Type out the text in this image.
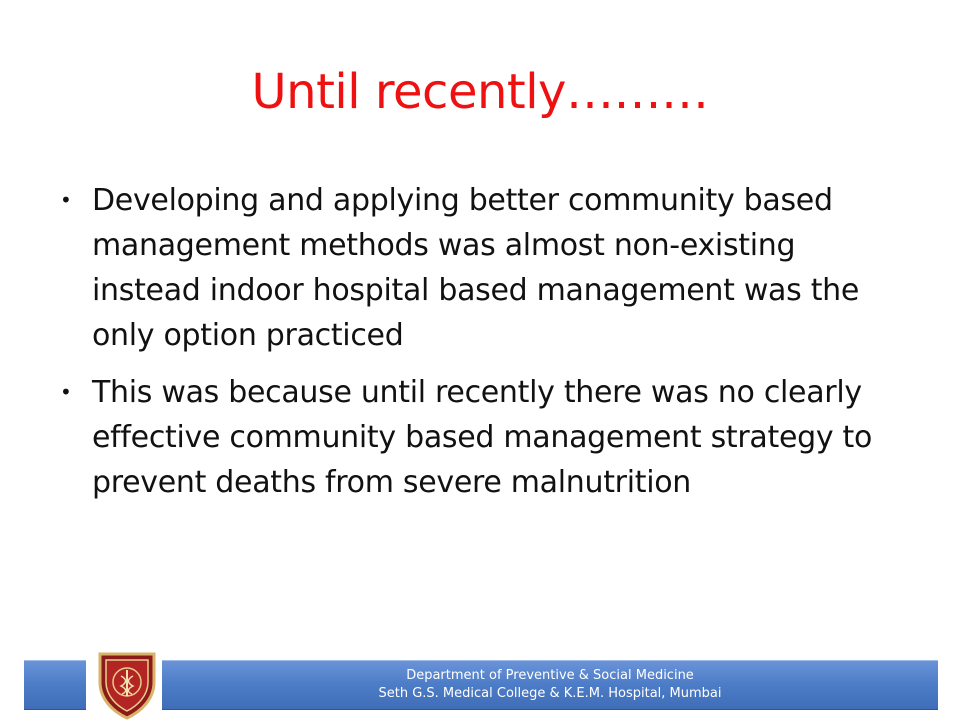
Until recently………
• Developing and applying better community based management methods was almost non-existing instead indoor hospital based management was the only option practiced
• This was because until recently there was no clearly effective community based management strategy to prevent deaths from severe malnutrition
Department of Preventive & Social Medicine
Seth G.S. Medical College & K.E.M. Hospital, Mumbai
